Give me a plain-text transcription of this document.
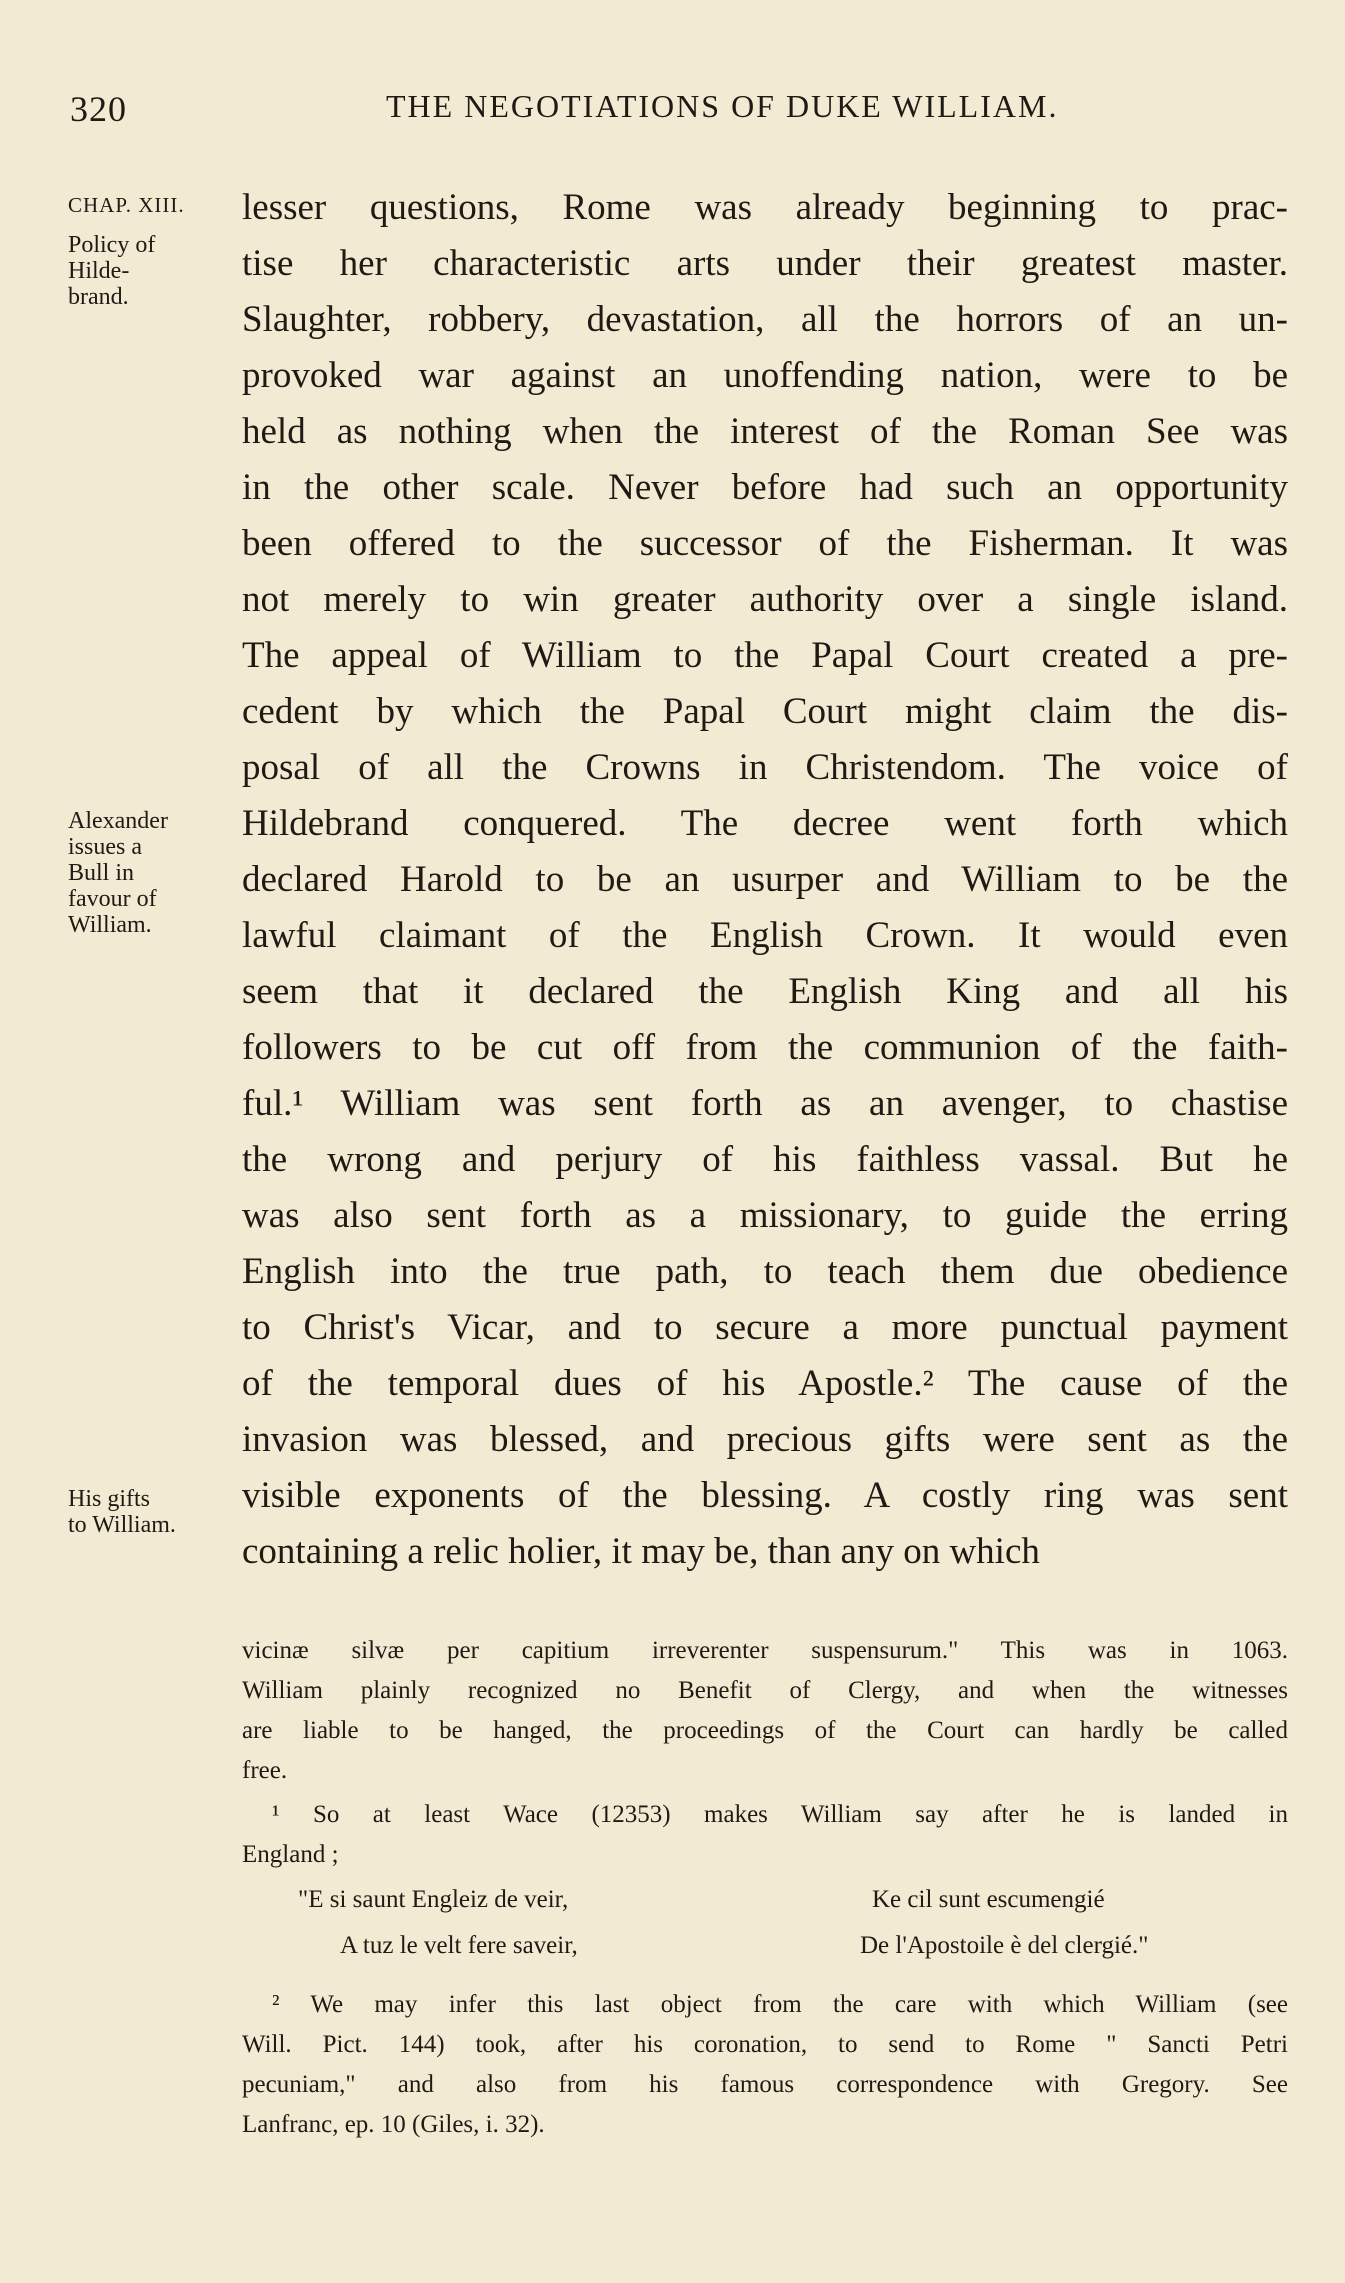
320	THE NEGOTIATIONS OF DUKE WILLIAM.
CHAP. XIII.
Policy of
Hilde-
brand.
Alexander
issues a
Bull in
favour of
William.
His gifts
to William.
lesser questions, Rome was already beginning to prac-
tise her characteristic arts under their greatest master.
Slaughter, robbery, devastation, all the horrors of an un-
provoked war against an unoffending nation, were to be
held as nothing when the interest of the Roman See was
in the other scale. Never before had such an opportunity
been offered to the successor of the Fisherman. It was
not merely to win greater authority over a single island.
The appeal of William to the Papal Court created a pre-
cedent by which the Papal Court might claim the dis-
posal of all the Crowns in Christendom. The voice of
Hildebrand conquered. The decree went forth which
declared Harold to be an usurper and William to be the
lawful claimant of the English Crown. It would even
seem that it declared the English King and all his
followers to be cut off from the communion of the faith-
ful.¹ William was sent forth as an avenger, to chastise
the wrong and perjury of his faithless vassal. But he
was also sent forth as a missionary, to guide the erring
English into the true path, to teach them due obedience
to Christ's Vicar, and to secure a more punctual payment
of the temporal dues of his Apostle.² The cause of the
invasion was blessed, and precious gifts were sent as the
visible exponents of the blessing. A costly ring was sent
containing a relic holier, it may be, than any on which
vicinæ silvæ per capitium irreverenter suspensurum." This was in 1063.
William plainly recognized no Benefit of Clergy, and when the witnesses
are liable to be hanged, the proceedings of the Court can hardly be called
free.
¹ So at least Wace (12353) makes William say after he is landed in
England ;
"E si saunt Engleiz de veir,	Ke cil sunt escumengié
A tuz le velt fere saveir,	De l'Apostoile è del clergié."
² We may infer this last object from the care with which William (see
Will. Pict. 144) took, after his coronation, to send to Rome " Sancti Petri
pecuniam," and also from his famous correspondence with Gregory. See
Lanfranc, ep. 10 (Giles, i. 32).
